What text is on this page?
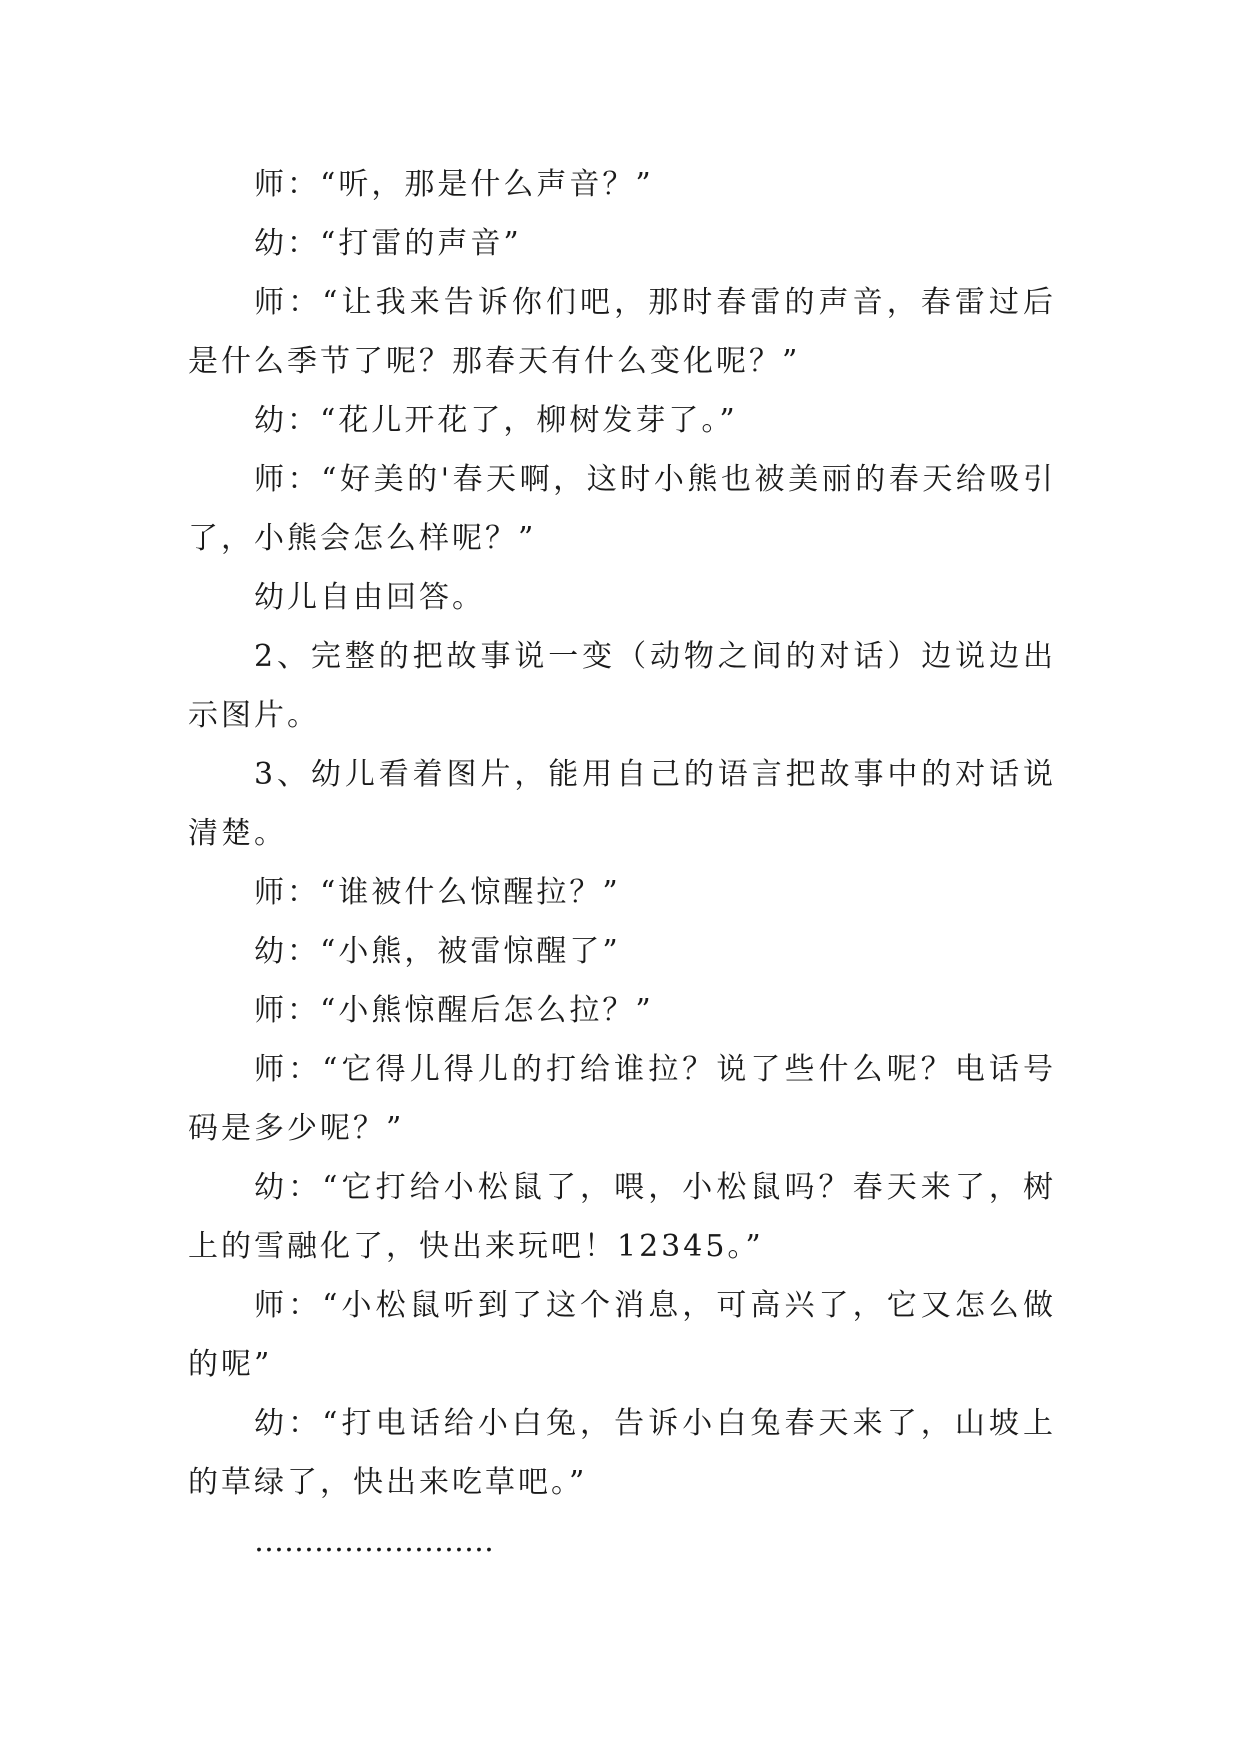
师：“听，那是什么声音？”

幼：“打雷的声音”

师：“让我来告诉你们吧，那时春雷的声音，春雷过后是什么季节了呢？那春天有什么变化呢？”

幼：“花儿开花了，柳树发芽了。”

师：“好美的'春天啊，这时小熊也被美丽的春天给吸引了，小熊会怎么样呢？”

幼儿自由回答。

2、完整的把故事说一变（动物之间的对话）边说边出示图片。

3、幼儿看着图片，能用自己的语言把故事中的对话说清楚。

师：“谁被什么惊醒拉？”

幼：“小熊，被雷惊醒了”

师：“小熊惊醒后怎么拉？”

师：“它得儿得儿的打给谁拉？说了些什么呢？电话号码是多少呢？”

幼：“它打给小松鼠了，喂，小松鼠吗？春天来了，树上的雪融化了，快出来玩吧！12345。”

师：“小松鼠听到了这个消息，可高兴了，它又怎么做的呢”

幼：“打电话给小白兔，告诉小白兔春天来了，山坡上的草绿了，快出来吃草吧。”

……………………
